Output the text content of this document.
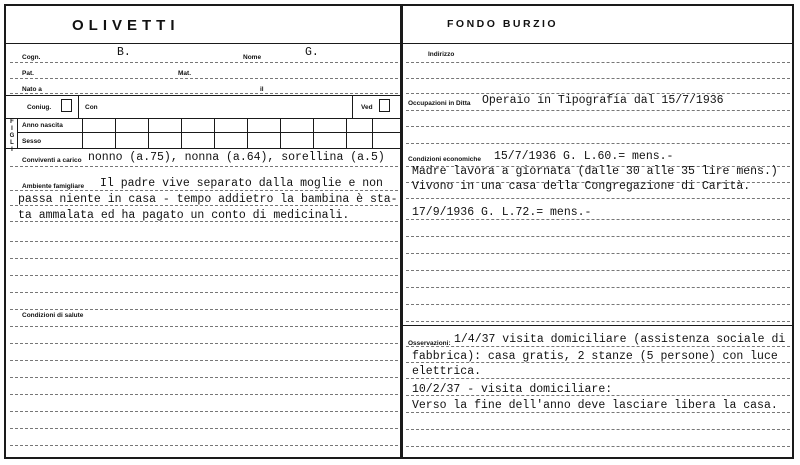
OLIVETTI	FONDO BURZIO
Cogn.	B.	Nome	G.
Pat.	Mat.
Nato a	il
Coniug.	Con	Ved
F
I
G
L
I
Anno nascita
Sesso
Conviventi a carico nonno (a.75), nonna (a.64), sorellina (a.5)
Ambiente famigliare Il padre vive separato dalla moglie e non
passa niente in casa - tempo addietro la bambina è sta-
ta ammalata ed ha pagato un conto di medicinali.
Condizioni di salute
Indirizzo
Occupazioni in Ditta Operaio in Tipografia dal 15/7/1936
Condizioni economiche 15/7/1936 G. L.60.= mens.-
Madre lavora a giornata (dalle 30 alle 35 lire mens.)
Vivono in una casa della Congregazione di Carità.
17/9/1936 G. L.72.= mens.-
Osservazioni: 1/4/37 visita domiciliare (assistenza sociale di
fabbrica): casa gratis, 2 stanze (5 persone) con luce
elettrica.
10/2/37 - visita domiciliare:
Verso la fine dell'anno deve lasciare libera la casa.
